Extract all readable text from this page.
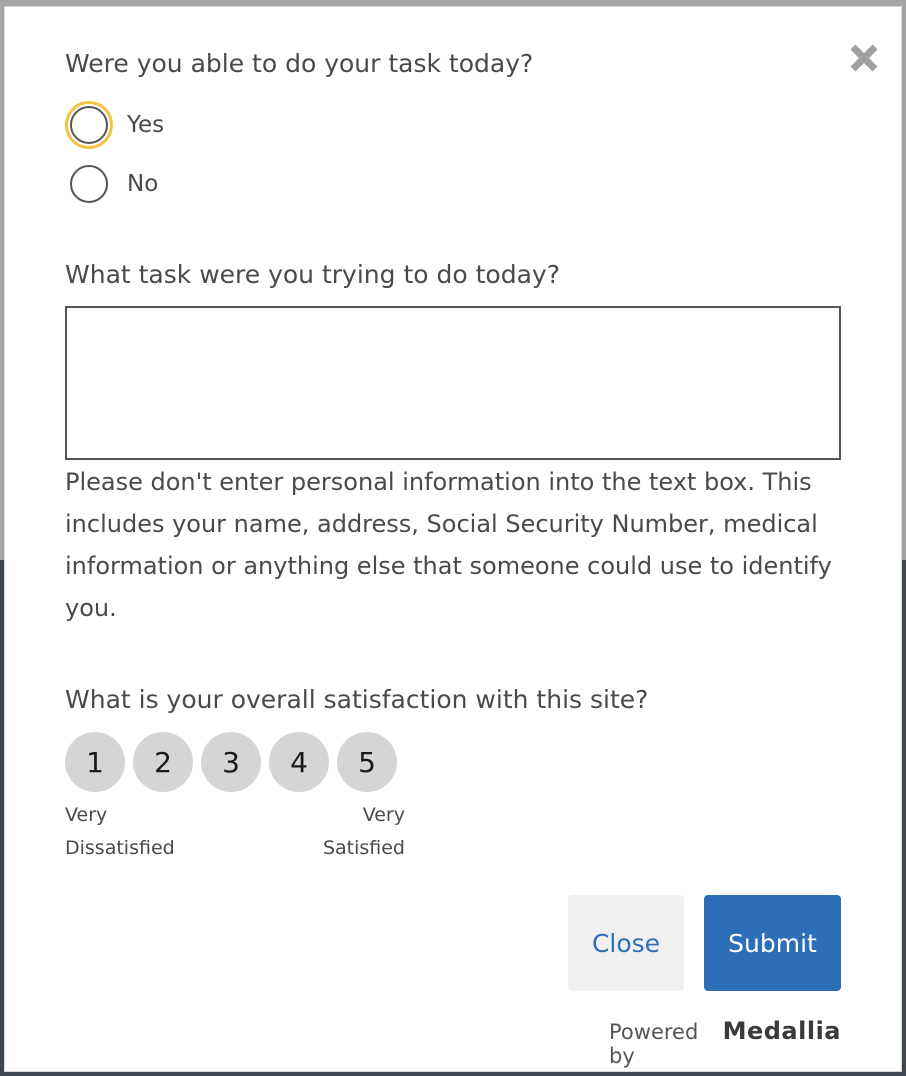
Were you able to do your task today?
Yes
No
What task were you trying to do today?
Please don't enter personal information into the text box. This includes your name, address, Social Security Number, medical information or anything else that someone could use to identify you.
What is your overall satisfaction with this site?
1	2	3	4	5
Very
Dissatisfied
Very
Satisfied
Close	Submit
Powered by
Medallia
